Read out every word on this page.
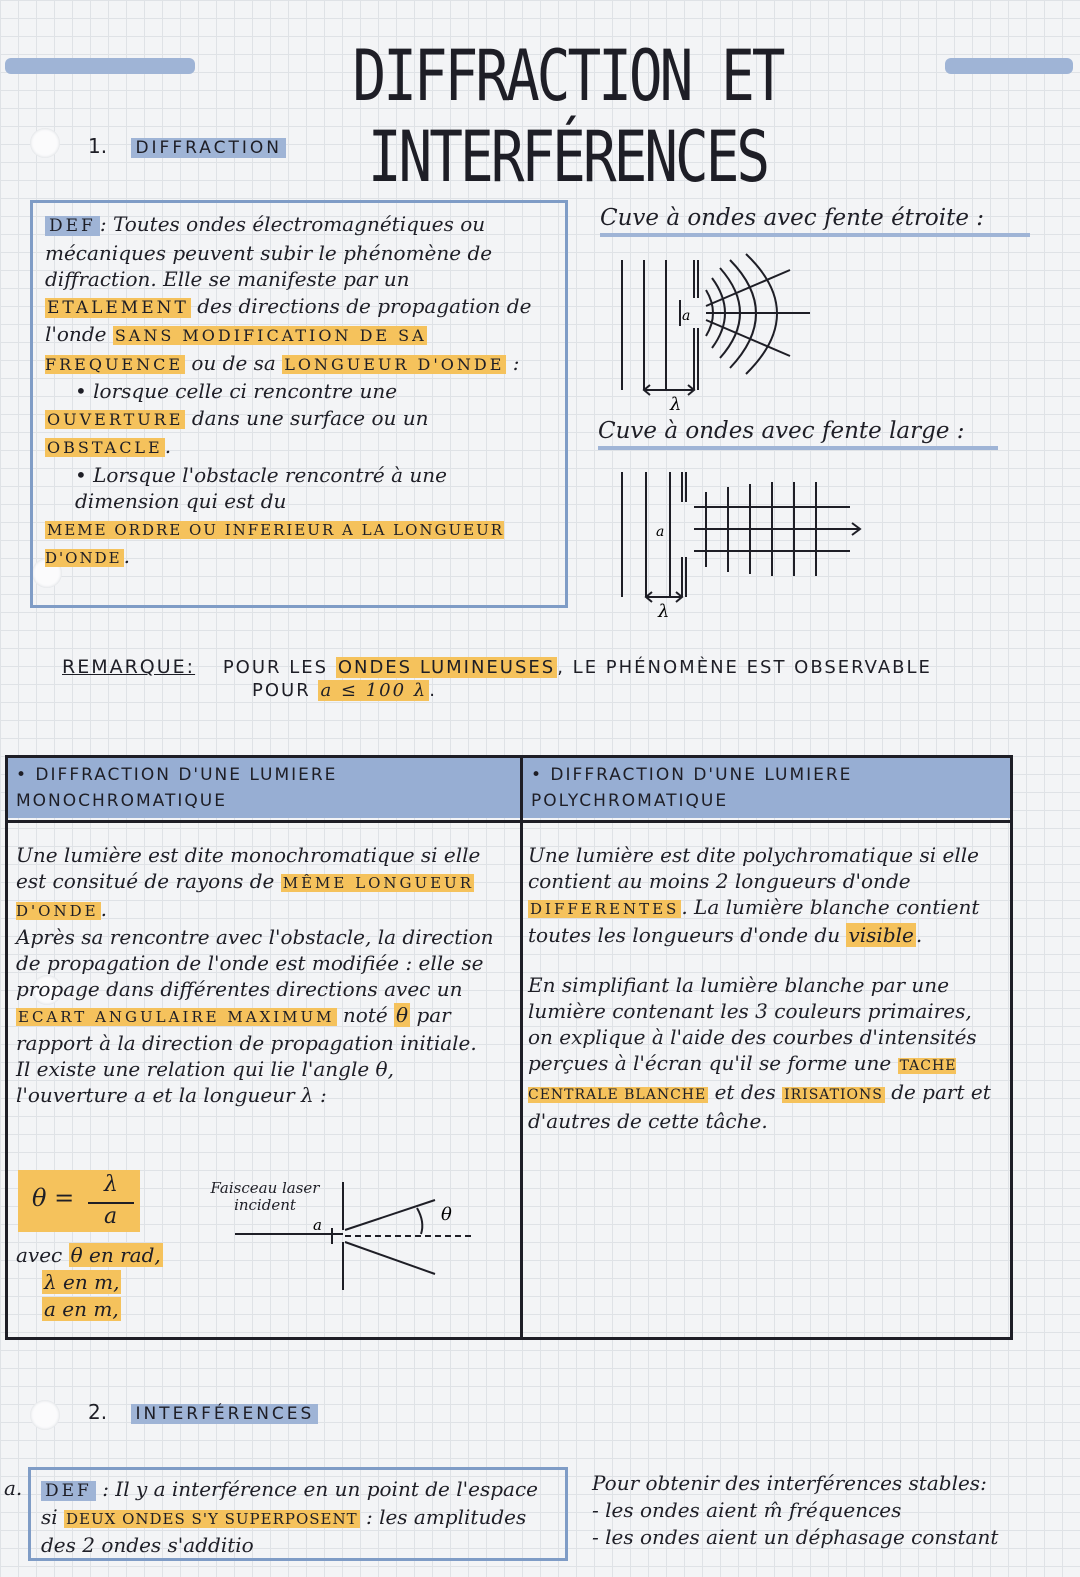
DIFFRACTION ET INTERFÉRENCES
1. DIFFRACTION

DEF : Toutes ondes électromagnétiques ou mécaniques peuvent subir le phénomène de diffraction. Elle se manifeste par un ETALEMENT des directions de propagation de l'onde SANS MODIFICATION DE SA FREQUENCE ou de sa LONGUEUR D'ONDE :

• lorsque celle ci rencontre une

OUVERTURE dans une surface ou un OBSTACLE .

• Lorsque l'obstacle rencontré à une dimension qui est du

MEME ORDRE OU INFERIEUR A LA LONGUEUR D'ONDE .

Cuve à ondes avec fente étroite :
λ
a
Cuve à ondes avec fente large :
λ
a
REMARQUE: POUR LES ONDES LUMINEUSES , LE PHÉNOMÈNE EST OBSERVABLE
POUR a ≤ 100 λ .
• DIFFRACTION D'UNE LUMIERE MONOCHROMATIQUE
• DIFFRACTION D'UNE LUMIERE POLYCHROMATIQUE

Une lumière est dite monochromatique si elle est consitué de rayons de MÊME LONGUEUR D'ONDE .

Après sa rencontre avec l'obstacle, la direction de propagation de l'onde est modifiée : elle se propage dans différentes directions avec un ECART ANGULAIRE MAXIMUM noté θ par rapport à la direction de propagation initiale.

Il existe une relation qui lie l'angle θ, l'ouverture a et la longueur λ :

θ = λ
a
avec θ en rad,
λ en m,
a en m,
Faisceau laser incident
a	θ

Une lumière est dite polychromatique si elle contient au moins 2 longueurs d'onde DIFFERENTES . La lumière blanche contient toutes les longueurs d'onde du visible .

En simplifiant la lumière blanche par une lumière contenant les 3 couleurs primaires, on explique à l'aide des courbes d'intensités perçues à l'écran qu'il se forme une TACHE CENTRALE BLANCHE et des IRISATIONS de part et d'autres de cette tâche.

2. INTERFÉRENCES
a. DEF : Il y a interférence en un point de l'espace si DEUX ONDES S'Y SUPERPOSENT : les amplitudes des 2 ondes s'additio

Pour obtenir des interférences stables:

- les ondes aient m̂ fréquences

- les ondes aient un déphasage constant
